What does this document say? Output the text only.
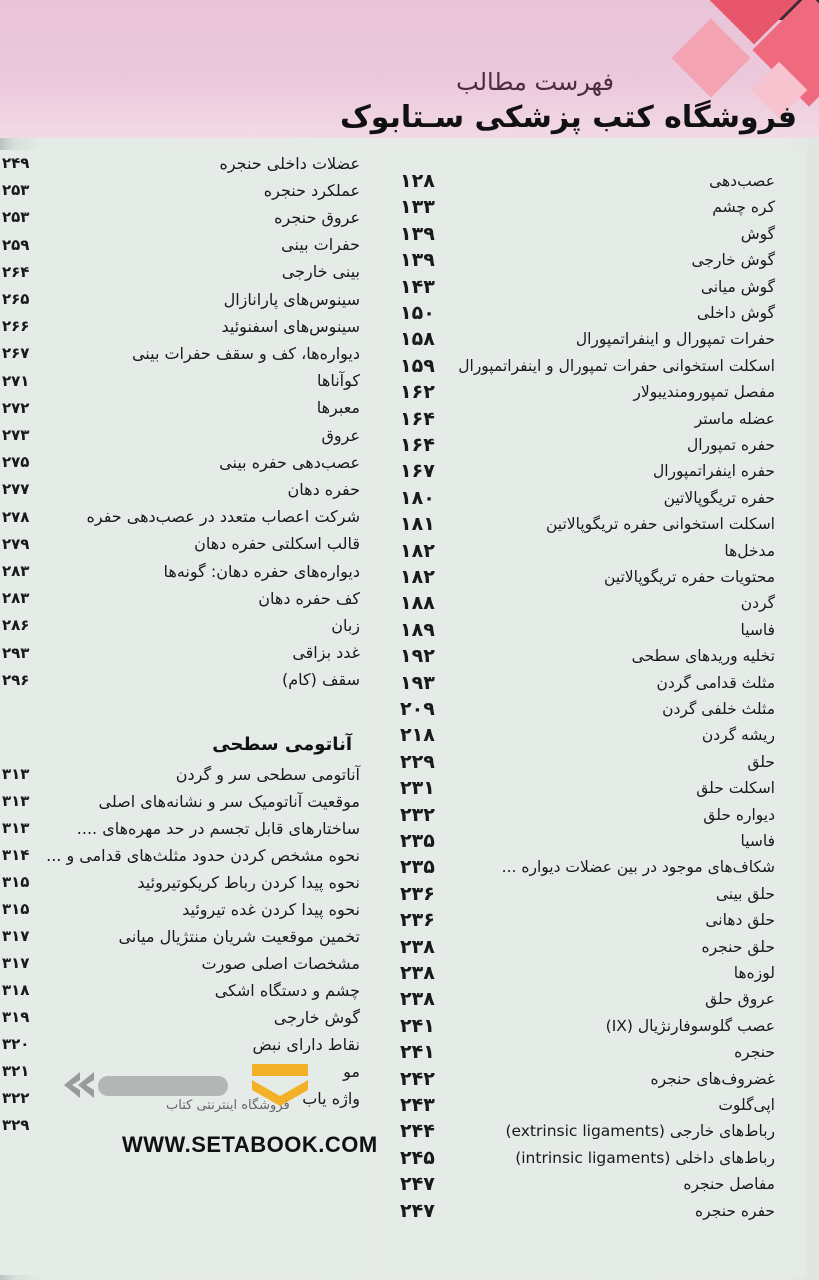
فهرست مطالب
فروشگاه کتب پزشکی سـتابوک
عصب‌دهی
۱۲۸
کره چشم
۱۳۳
گوش
۱۳۹
گوش خارجی
۱۳۹
گوش میانی
۱۴۳
گوش داخلی
۱۵۰
حفرات تمپورال و اینفراتمپورال
۱۵۸
اسکلت استخوانی حفرات تمپورال و اینفراتمپورال
۱۵۹
مفصل تمپورومندیبولار
۱۶۲
عضله ماستر
۱۶۴
حفره تمپورال
۱۶۴
حفره اینفراتمپورال
۱۶۷
حفره تریگوپالاتین
۱۸۰
اسکلت استخوانی حفره تریگوپالاتین
۱۸۱
مدخل‌ها
۱۸۲
محتویات حفره تریگوپالاتین
۱۸۲
گردن
۱۸۸
فاسیا
۱۸۹
تخلیه وریدهای سطحی
۱۹۲
مثلث قدامی گردن
۱۹۳
مثلث خلفی گردن
۲۰۹
ریشه گردن
۲۱۸
حلق
۲۲۹
اسکلت حلق
۲۳۱
دیواره حلق
۲۳۲
فاسیا
۲۳۵
شکاف‌های موجود در بین عضلات دیواره ...
۲۳۵
حلق بینی
۲۳۶
حلق دهانی
۲۳۶
حلق حنجره
۲۳۸
لوزه‌ها
۲۳۸
عروق حلق
۲۳۸
عصب گلوسوفارنژیال (IX)
۲۴۱
حنجره
۲۴۱
غضروف‌های حنجره
۲۴۲
اپی‌گلوت
۲۴۳
رباط‌های خارجی (extrinsic ligaments)
۲۴۴
رباط‌های داخلی (intrinsic ligaments)
۲۴۵
مفاصل حنجره
۲۴۷
حفره حنجره
۲۴۷
عضلات داخلی حنجره
۲۴۹
عملکرد حنجره
۲۵۳
عروق حنجره
۲۵۳
حفرات بینی
۲۵۹
بینی خارجی
۲۶۴
سینوس‌های پارانازال
۲۶۵
سینوس‌های اسفنوئید
۲۶۶
دیواره‌ها، کف و سقف حفرات بینی
۲۶۷
کوآناها
۲۷۱
معبرها
۲۷۲
عروق
۲۷۳
عصب‌دهی حفره بینی
۲۷۵
حفره دهان
۲۷۷
شرکت اعصاب متعدد در عصب‌دهی حفره
۲۷۸
قالب اسکلتی حفره دهان
۲۷۹
دیواره‌های حفره دهان: گونه‌ها
۲۸۳
کف حفره دهان
۲۸۳
زبان
۲۸۶
غدد بزاقی
۲۹۳
سقف (کام)
۲۹۶
آناتومی سطحی
آناتومی سطحی سر و گردن
۳۱۳
موقعیت آناتومیک سر و نشانه‌های اصلی
۳۱۳
ساختارهای قابل تجسم در حد مهره‌های ....
۳۱۳
نحوه مشخص کردن حدود مثلث‌های قدامی و ...
۳۱۴
نحوه پیدا کردن رباط کریکوتیروئید
۳۱۵
نحوه پیدا کردن غده تیروئید
۳۱۵
تخمین موقعیت شریان منتژیال میانی
۳۱۷
مشخصات اصلی صورت
۳۱۷
چشم و دستگاه اشکی
۳۱۸
گوش خارجی
۳۱۹
نقاط دارای نبض
۳۲۰
مو
۳۲۱
واژه یاب
۳۲۲
۳۲۹
فروشگاه اینترنتی کتاب
WWW.SETABOOK.COM
